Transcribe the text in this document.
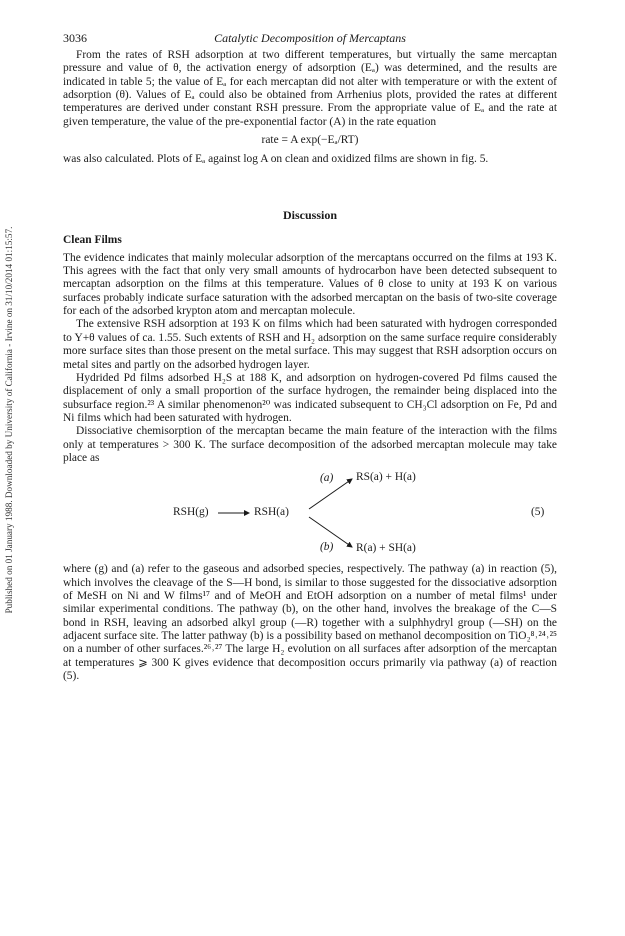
Published on 01 January 1988. Downloaded by University of California - Irvine on 31/10/2014 01:15:57.
3036	Catalytic Decomposition of Mercaptans

From the rates of RSH adsorption at two different temperatures, but virtually the same mercaptan pressure and value of θ, the activation energy of adsorption (Eₐ) was determined, and the results are indicated in table 5; the value of Eₐ for each mercaptan did not alter with temperature or with the extent of adsorption (θ). Values of Eₐ could also be obtained from Arrhenius plots, provided the rates at different temperatures are derived under constant RSH pressure. From the appropriate value of Eₐ and the rate at given temperature, the value of the pre-exponential factor (A) in the rate equation

rate = A exp(−Eₐ/RT)

was also calculated. Plots of Eₐ against log A on clean and oxidized films are shown in fig. 5.

Discussion
Clean Films

The evidence indicates that mainly molecular adsorption of the mercaptans occurred on the films at 193 K. This agrees with the fact that only very small amounts of hydrocarbon have been detected subsequent to mercaptan adsorption on the films at this temperature. Values of θ close to unity at 193 K on various surfaces probably indicate surface saturation with the adsorbed mercaptan on the basis of two-site coverage for each of the adsorbed krypton atom and mercaptan molecule.

The extensive RSH adsorption at 193 K on films which had been saturated with hydrogen corresponded to Y+θ values of ca. 1.55. Such extents of RSH and H₂ adsorption on the same surface require considerably more surface sites than those present on the metal surface. This may suggest that RSH adsorption occurs on metal sites and partly on the adsorbed hydrogen layer.

Hydrided Pd films adsorbed H₂S at 188 K, and adsorption on hydrogen-covered Pd films caused the displacement of only a small proportion of the surface hydrogen, the remainder being displaced into the subsurface region.²³ A similar phenomenon²⁰ was indicated subsequent to CH₃Cl adsorption on Fe, Pd and Ni films which had been saturated with hydrogen.

Dissociative chemisorption of the mercaptan became the main feature of the interaction with the films only at temperatures > 300 K. The surface decomposition of the adsorbed mercaptan molecule may take place as

RSH(g)	RSH(a)
(a) RS(a) + H(a)
(b) R(a) + SH(a)
(5)

where (g) and (a) refer to the gaseous and adsorbed species, respectively. The pathway (a) in reaction (5), which involves the cleavage of the S—H bond, is similar to those suggested for the dissociative adsorption of MeSH on Ni and W films¹⁷ and of MeOH and EtOH adsorption on a number of metal films¹ under similar experimental conditions. The pathway (b), on the other hand, involves the breakage of the C—S bond in RSH, leaving an adsorbed alkyl group (—R) together with a sulphhydryl group (—SH) on the adjacent surface site. The latter pathway (b) is a possibility based on methanol decomposition on TiO₂⁸˒²⁴˒²⁵ on a number of other surfaces.²⁶˒²⁷ The large H₂ evolution on all surfaces after adsorption of the mercaptan at temperatures ⩾ 300 K gives evidence that decomposition occurs primarily via pathway (a) of reaction (5).
